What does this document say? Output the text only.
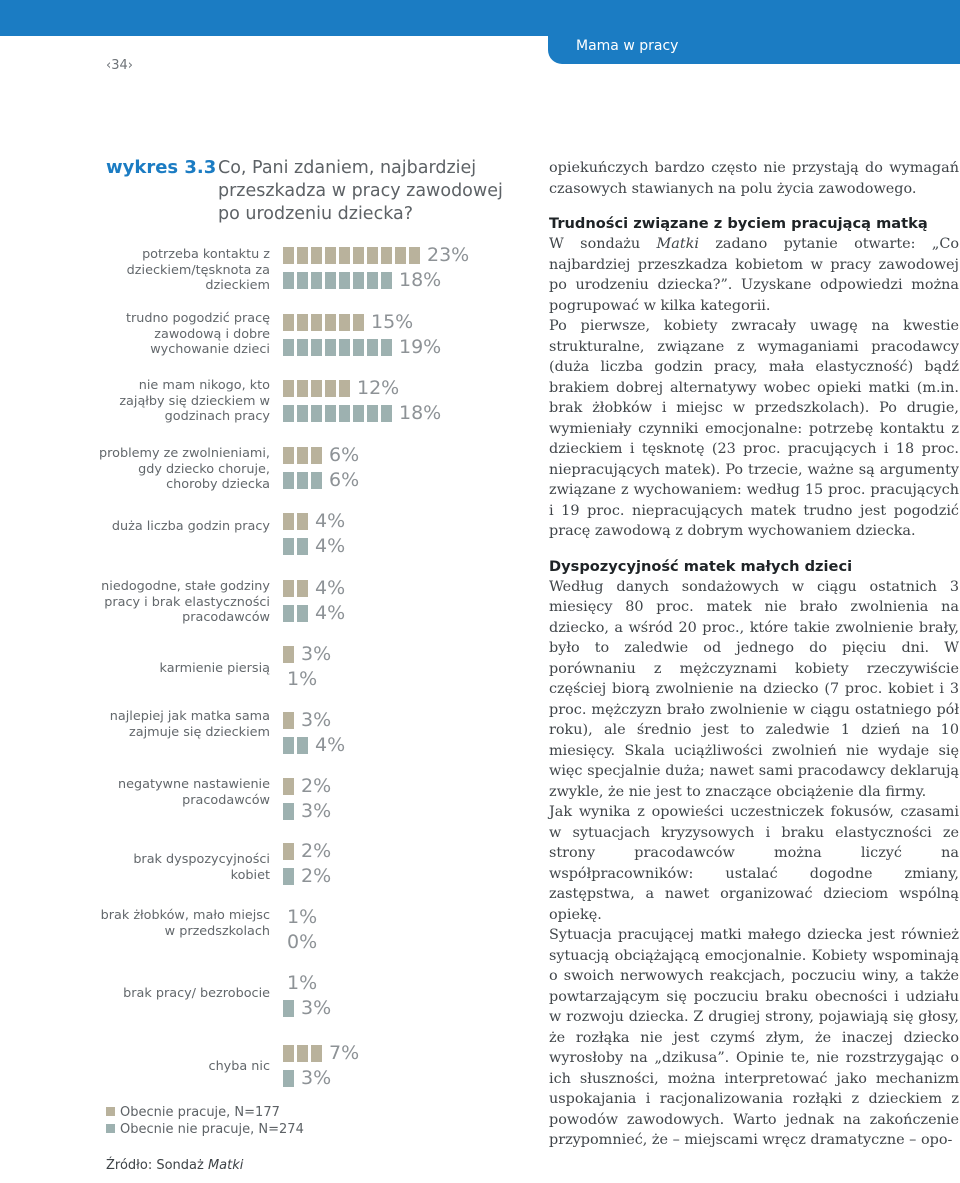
Mama w pracy
‹34›
wykres 3.3 Co, Pani zdaniem, najbardziej przeszkadza w pracy zawodowej po urodzeniu dziecka?
potrzeba kontaktu z dzieckiem/tęsknota za dzieckiem
23%
18%
trudno pogodzić pracę zawodową i dobre wychowanie dzieci
15%
19%
nie mam nikogo, kto zająłby się dzieckiem w godzinach pracy
12%
18%
problemy ze zwolnieniami, gdy dziecko choruje, choroby dziecka
6%
6%
duża liczba godzin pracy 4%
4%
niedogodne, stałe godziny pracy i brak elastyczności pracodawców
4%
4%
karmienie piersią
3%
1%
najlepiej jak matka sama zajmuje się dzieckiem
3%
4%
negatywne nastawienie pracodawców
2%
3%
brak dyspozycyjności kobiet
2%
2%
brak żłobków, mało miejsc w przedszkolach
1%
0%
brak pracy/ bezrobocie 1%
3%
chyba nic
7%
3%
Obecnie pracuje, N=177
Obecnie nie pracuje, N=274
Źródło: Sondaż Matki

opiekuńczych bardzo często nie przystają do wymagań czasowych stawianych na polu życia zawodowego.

Trudności związane z byciem pracującą matką

W sondażu Matki zadano pytanie otwarte: „Co najbardziej przeszkadza kobietom w pracy zawodowej po urodzeniu dziecka?”. Uzyskane odpowiedzi można pogrupować w kilka kategorii.

Po pierwsze, kobiety zwracały uwagę na kwestie strukturalne, związane z wymaganiami pracodawcy (duża liczba godzin pracy, mała elastyczność) bądź brakiem dobrej alternatywy wobec opieki matki (m.in. brak żłobków i miejsc w przedszkolach). Po drugie, wymieniały czynniki emocjonalne: potrzebę kontaktu z dzieckiem i tęsknotę (23 proc. pracujących i 18 proc. niepracujących matek). Po trzecie, ważne są argumenty związane z wychowaniem: według 15 proc. pracujących i 19 proc. niepracujących matek trudno jest pogodzić pracę zawodową z dobrym wychowaniem dziecka.

Dyspozycyjność matek małych dzieci

Według danych sondażowych w ciągu ostatnich 3 miesięcy 80 proc. matek nie brało zwolnienia na dziecko, a wśród 20 proc., które takie zwolnienie brały, było to zaledwie od jednego do pięciu dni. W porównaniu z mężczyznami kobiety rzeczywiście częściej biorą zwolnienie na dziecko (7 proc. kobiet i 3 proc. mężczyzn brało zwolnienie w ciągu ostatniego pół roku), ale średnio jest to zaledwie 1 dzień na 10 miesięcy. Skala uciążliwości zwolnień nie wydaje się więc specjalnie duża; nawet sami pracodawcy deklarują zwykle, że nie jest to znaczące obciążenie dla firmy.

Jak wynika z opowieści uczestniczek fokusów, czasami w sytuacjach kryzysowych i braku elastyczności ze strony pracodawców można liczyć na współpracowników: ustalać dogodne zmiany, zastępstwa, a nawet organizować dzieciom wspólną opiekę.

Sytuacja pracującej matki małego dziecka jest również sytuacją obciążającą emocjonalnie. Kobiety wspominają o swoich nerwowych reakcjach, poczuciu winy, a także powtarzającym się poczuciu braku obecności i udziału w rozwoju dziecka. Z drugiej strony, pojawiają się głosy, że rozłąka nie jest czymś złym, że inaczej dziecko wyrosłoby na „dzikusa”. Opinie te, nie rozstrzygając o ich słuszności, można interpretować jako mechanizm uspokajania i racjonalizowania rozłąki z dzieckiem z powodów zawodowych. Warto jednak na zakończenie przypomnieć, że – miejscami wręcz dramatyczne – opo-
